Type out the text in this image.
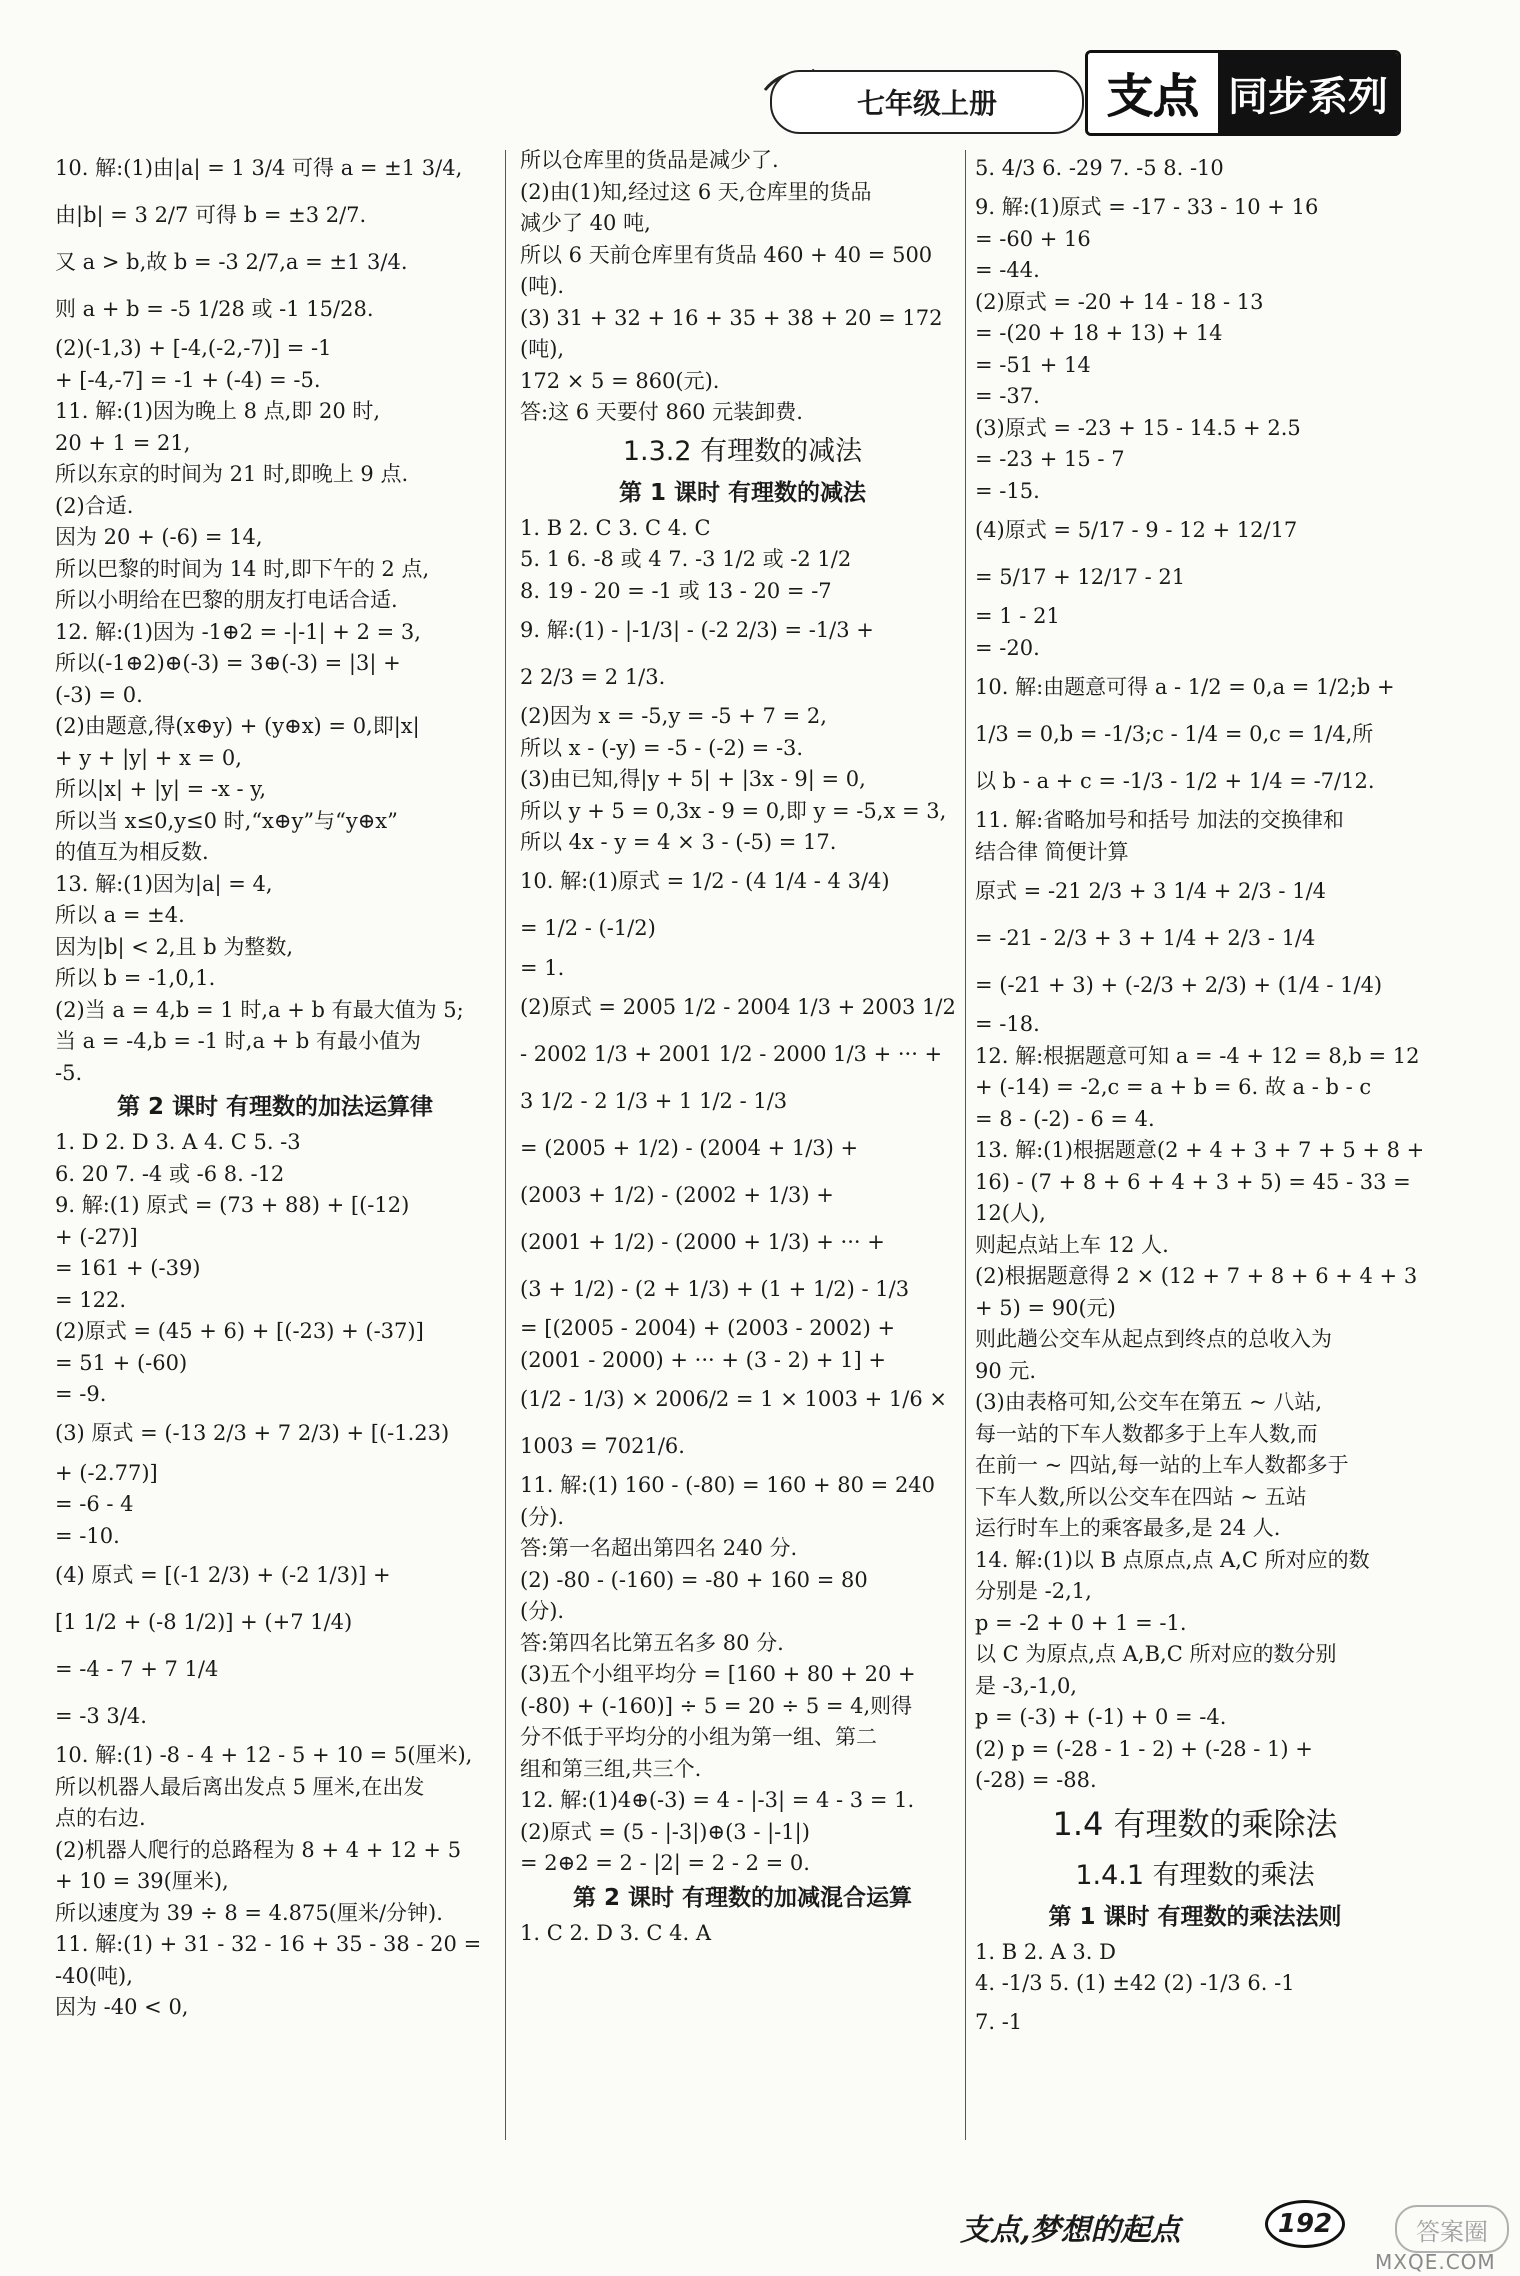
七年级上册	支点 同步系列
10. 解:(1)由|a| = 1 3/4 可得 a = ±1 3/4,
由|b| = 3 2/7 可得 b = ±3 2/7.
又 a > b,故 b = -3 2/7,a = ±1 3/4.
则 a + b = -5 1/28 或 -1 15/28.
(2)(-1,3) + [-4,(-2,-7)] = -1
+ [-4,-7] = -1 + (-4) = -5.
11. 解:(1)因为晚上 8 点,即 20 时,
20 + 1 = 21,
所以东京的时间为 21 时,即晚上 9 点.
(2)合适.
因为 20 + (-6) = 14,
所以巴黎的时间为 14 时,即下午的 2 点,
所以小明给在巴黎的朋友打电话合适.
12. 解:(1)因为 -1⊕2 = -|-1| + 2 = 3,
所以(-1⊕2)⊕(-3) = 3⊕(-3) = |3| +
(-3) = 0.
(2)由题意,得(x⊕y) + (y⊕x) = 0,即|x|
+ y + |y| + x = 0,
所以|x| + |y| = -x - y,
所以当 x≤0,y≤0 时,“x⊕y”与“y⊕x”
的值互为相反数.
13. 解:(1)因为|a| = 4,
所以 a = ±4.
因为|b| < 2,且 b 为整数,
所以 b = -1,0,1.
(2)当 a = 4,b = 1 时,a + b 有最大值为 5;
当 a = -4,b = -1 时,a + b 有最小值为
-5.
第 2 课时 有理数的加法运算律
1. D 2. D 3. A 4. C 5. -3
6. 20 7. -4 或 -6 8. -12
9. 解:(1) 原式 = (73 + 88) + [(-12)
+ (-27)]
= 161 + (-39)
= 122.
(2)原式 = (45 + 6) + [(-23) + (-37)]
= 51 + (-60)
= -9.
(3) 原式 = (-13 2/3 + 7 2/3) + [(-1.23)
+ (-2.77)]
= -6 - 4
= -10.
(4) 原式 = [(-1 2/3) + (-2 1/3)] +
[1 1/2 + (-8 1/2)] + (+7 1/4)
= -4 - 7 + 7 1/4
= -3 3/4.
10. 解:(1) -8 - 4 + 12 - 5 + 10 = 5(厘米),
所以机器人最后离出发点 5 厘米,在出发
点的右边.
(2)机器人爬行的总路程为 8 + 4 + 12 + 5
+ 10 = 39(厘米),
所以速度为 39 ÷ 8 = 4.875(厘米/分钟).
11. 解:(1) + 31 - 32 - 16 + 35 - 38 - 20 =
-40(吨),
因为 -40 < 0,
所以仓库里的货品是减少了.
(2)由(1)知,经过这 6 天,仓库里的货品
减少了 40 吨,
所以 6 天前仓库里有货品 460 + 40 = 500
(吨).
(3) 31 + 32 + 16 + 35 + 38 + 20 = 172
(吨),
172 × 5 = 860(元).
答:这 6 天要付 860 元装卸费.
1.3.2 有理数的减法
第 1 课时 有理数的减法
1. B 2. C 3. C 4. C
5. 1 6. -8 或 4 7. -3 1/2 或 -2 1/2
8. 19 - 20 = -1 或 13 - 20 = -7
9. 解:(1) - |-1/3| - (-2 2/3) = -1/3 +
2 2/3 = 2 1/3.
(2)因为 x = -5,y = -5 + 7 = 2,
所以 x - (-y) = -5 - (-2) = -3.
(3)由已知,得|y + 5| + |3x - 9| = 0,
所以 y + 5 = 0,3x - 9 = 0,即 y = -5,x = 3,
所以 4x - y = 4 × 3 - (-5) = 17.
10. 解:(1)原式 = 1/2 - (4 1/4 - 4 3/4)
= 1/2 - (-1/2)
= 1.
(2)原式 = 2005 1/2 - 2004 1/3 + 2003 1/2
- 2002 1/3 + 2001 1/2 - 2000 1/3 + ··· +
3 1/2 - 2 1/3 + 1 1/2 - 1/3
= (2005 + 1/2) - (2004 + 1/3) +
(2003 + 1/2) - (2002 + 1/3) +
(2001 + 1/2) - (2000 + 1/3) + ··· +
(3 + 1/2) - (2 + 1/3) + (1 + 1/2) - 1/3
= [(2005 - 2004) + (2003 - 2002) +
(2001 - 2000) + ··· + (3 - 2) + 1] +
(1/2 - 1/3) × 2006/2 = 1 × 1003 + 1/6 ×
1003 = 7021/6.
11. 解:(1) 160 - (-80) = 160 + 80 = 240
(分).
答:第一名超出第四名 240 分.
(2) -80 - (-160) = -80 + 160 = 80
(分).
答:第四名比第五名多 80 分.
(3)五个小组平均分 = [160 + 80 + 20 +
(-80) + (-160)] ÷ 5 = 20 ÷ 5 = 4,则得
分不低于平均分的小组为第一组、第二
组和第三组,共三个.
12. 解:(1)4⊕(-3) = 4 - |-3| = 4 - 3 = 1.
(2)原式 = (5 - |-3|)⊕(3 - |-1|)
= 2⊕2 = 2 - |2| = 2 - 2 = 0.
第 2 课时 有理数的加减混合运算
1. C 2. D 3. C 4. A
5. 4/3 6. -29 7. -5 8. -10
9. 解:(1)原式 = -17 - 33 - 10 + 16
= -60 + 16
= -44.
(2)原式 = -20 + 14 - 18 - 13
= -(20 + 18 + 13) + 14
= -51 + 14
= -37.
(3)原式 = -23 + 15 - 14.5 + 2.5
= -23 + 15 - 7
= -15.
(4)原式 = 5/17 - 9 - 12 + 12/17
= 5/17 + 12/17 - 21
= 1 - 21
= -20.
10. 解:由题意可得 a - 1/2 = 0,a = 1/2;b +
1/3 = 0,b = -1/3;c - 1/4 = 0,c = 1/4,所
以 b - a + c = -1/3 - 1/2 + 1/4 = -7/12.
11. 解:省略加号和括号 加法的交换律和
结合律 简便计算
原式 = -21 2/3 + 3 1/4 + 2/3 - 1/4
= -21 - 2/3 + 3 + 1/4 + 2/3 - 1/4
= (-21 + 3) + (-2/3 + 2/3) + (1/4 - 1/4)
= -18.
12. 解:根据题意可知 a = -4 + 12 = 8,b = 12
+ (-14) = -2,c = a + b = 6. 故 a - b - c
= 8 - (-2) - 6 = 4.
13. 解:(1)根据题意(2 + 4 + 3 + 7 + 5 + 8 +
16) - (7 + 8 + 6 + 4 + 3 + 5) = 45 - 33 =
12(人),
则起点站上车 12 人.
(2)根据题意得 2 × (12 + 7 + 8 + 6 + 4 + 3
+ 5) = 90(元)
则此趟公交车从起点到终点的总收入为
90 元.
(3)由表格可知,公交车在第五 ~ 八站,
每一站的下车人数都多于上车人数,而
在前一 ~ 四站,每一站的上车人数都多于
下车人数,所以公交车在四站 ~ 五站
运行时车上的乘客最多,是 24 人.
14. 解:(1)以 B 点原点,点 A,C 所对应的数
分别是 -2,1,
p = -2 + 0 + 1 = -1.
以 C 为原点,点 A,B,C 所对应的数分别
是 -3,-1,0,
p = (-3) + (-1) + 0 = -4.
(2) p = (-28 - 1 - 2) + (-28 - 1) +
(-28) = -88.
1.4 有理数的乘除法
1.4.1 有理数的乘法
第 1 课时 有理数的乘法法则
1. B 2. A 3. D
4. -1/3 5. (1) ±42 (2) -1/3 6. -1
7. -1
支点,梦想的起点	192	答案圈
MXQE.COM
